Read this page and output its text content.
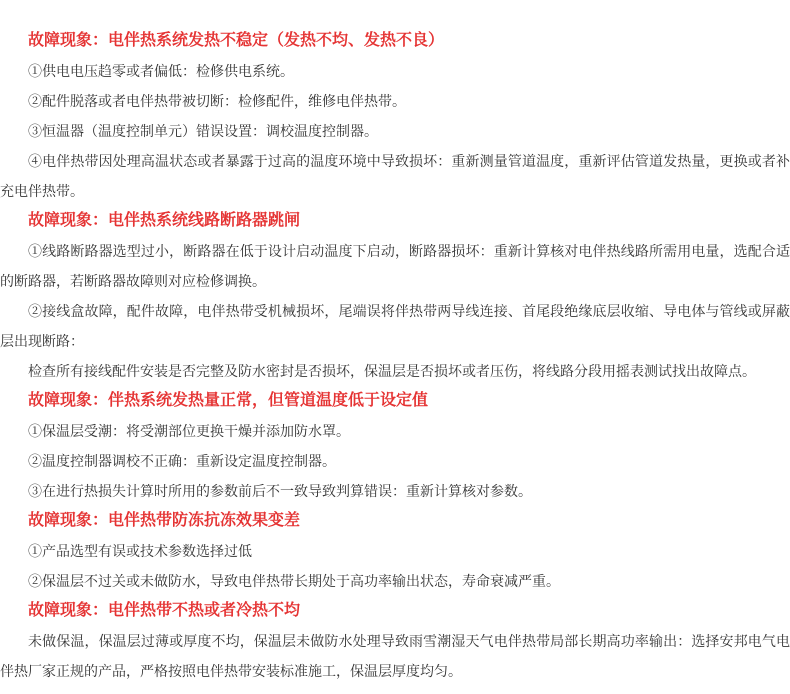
故障现象：电伴热系统发热不稳定（发热不均、发热不良）

①供电电压趋零或者偏低：检修供电系统。

②配件脱落或者电伴热带被切断：检修配件，维修电伴热带。

③恒温器（温度控制单元）错误设置：调校温度控制器。

④电伴热带因处理高温状态或者暴露于过高的温度环境中导致损坏：重新测量管道温度，重新评估管道发热量，更换或者补充电伴热带。

故障现象：电伴热系统线路断路器跳闸

①线路断路器选型过小，断路器在低于设计启动温度下启动，断路器损坏：重新计算核对电伴热线路所需用电量，选配合适的断路器，若断路器故障则对应检修调换。

②接线盒故障，配件故障，电伴热带受机械损坏，尾端误将伴热带两导线连接、首尾段绝缘底层收缩、导电体与管线或屏蔽层出现断路：

检查所有接线配件安装是否完整及防水密封是否损坏，保温层是否损坏或者压伤，将线路分段用摇表测试找出故障点。

故障现象：伴热系统发热量正常，但管道温度低于设定值

①保温层受潮：将受潮部位更换干燥并添加防水罩。

②温度控制器调校不正确：重新设定温度控制器。

③在进行热损失计算时所用的参数前后不一致导致判算错误：重新计算核对参数。

故障现象：电伴热带防冻抗冻效果变差

①产品选型有误或技术参数选择过低

②保温层不过关或未做防水，导致电伴热带长期处于高功率输出状态，寿命衰减严重。

故障现象：电伴热带不热或者冷热不均

未做保温，保温层过薄或厚度不均，保温层未做防水处理导致雨雪潮湿天气电伴热带局部长期高功率输出：选择安邦电气电伴热厂家正规的产品，严格按照电伴热带安装标准施工，保温层厚度均匀。
